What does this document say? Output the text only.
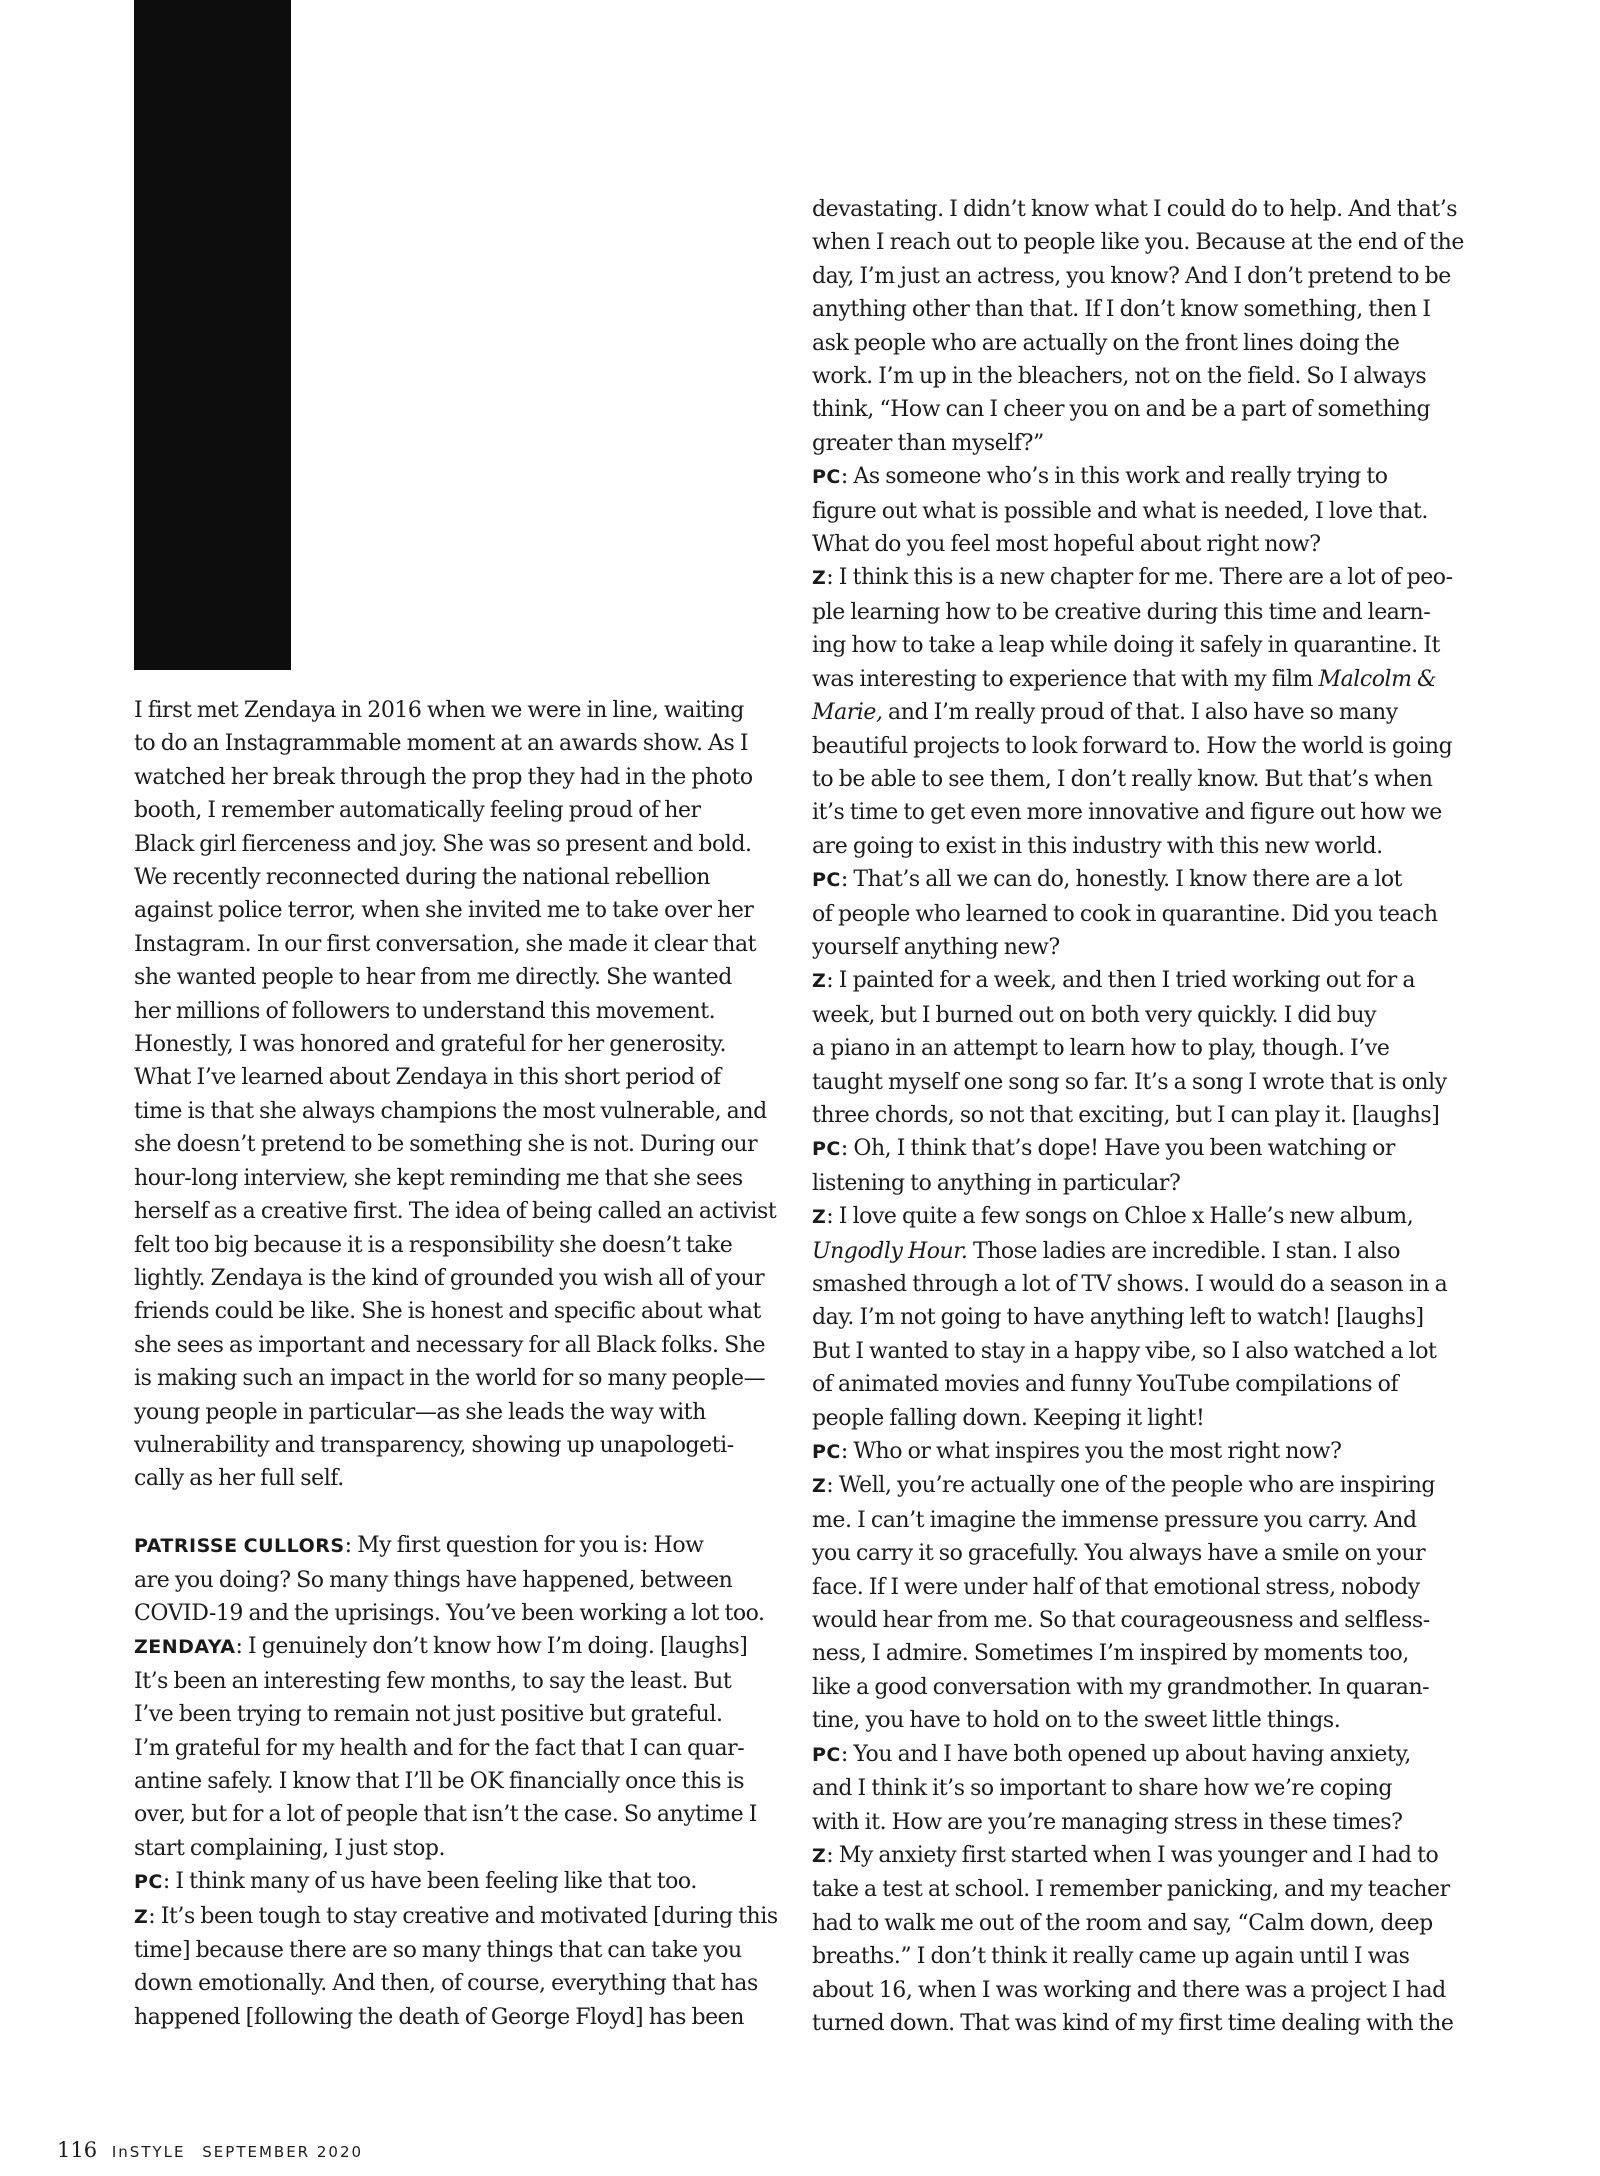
I first met Zendaya in 2016 when we were in line, waiting

to do an Instagrammable moment at an awards show. As I

watched her break through the prop they had in the photo

booth, I remember automatically feeling proud of her

Black girl fierceness and joy. She was so present and bold.

We recently reconnected during the national rebellion

against police terror, when she invited me to take over her

Instagram. In our first conversation, she made it clear that

she wanted people to hear from me directly. She wanted

her millions of followers to understand this movement.

Honestly, I was honored and grateful for her generosity.

What I’ve learned about Zendaya in this short period of

time is that she always champions the most vulnerable, and

she doesn’t pretend to be something she is not. During our

hour-long interview, she kept reminding me that she sees

herself as a creative first. The idea of being called an activist

felt too big because it is a responsibility she doesn’t take

lightly. Zendaya is the kind of grounded you wish all of your

friends could be like. She is honest and specific about what

she sees as important and necessary for all Black folks. She

is making such an impact in the world for so many people—

young people in particular—as she leads the way with

vulnerability and transparency, showing up unapologeti-

cally as her full self.

PATRISSE CULLORS: My first question for you is: How

are you doing? So many things have happened, between

COVID-19 and the uprisings. You’ve been working a lot too.

ZENDAYA: I genuinely don’t know how I’m doing. [laughs]

It’s been an interesting few months, to say the least. But

I’ve been trying to remain not just positive but grateful.

I’m grateful for my health and for the fact that I can quar-

antine safely. I know that I’ll be OK financially once this is

over, but for a lot of people that isn’t the case. So anytime I

start complaining, I just stop.

PC: I think many of us have been feeling like that too.

Z: It’s been tough to stay creative and motivated [during this

time] because there are so many things that can take you

down emotionally. And then, of course, everything that has

happened [following the death of George Floyd] has been

devastating. I didn’t know what I could do to help. And that’s

when I reach out to people like you. Because at the end of the

day, I’m just an actress, you know? And I don’t pretend to be

anything other than that. If I don’t know something, then I

ask people who are actually on the front lines doing the

work. I’m up in the bleachers, not on the field. So I always

think, “How can I cheer you on and be a part of something

greater than myself?”

PC: As someone who’s in this work and really trying to

figure out what is possible and what is needed, I love that.

What do you feel most hopeful about right now?

Z: I think this is a new chapter for me. There are a lot of peo-

ple learning how to be creative during this time and learn-

ing how to take a leap while doing it safely in quarantine. It

was interesting to experience that with my film Malcolm &

Marie, and I’m really proud of that. I also have so many

beautiful projects to look forward to. How the world is going

to be able to see them, I don’t really know. But that’s when

it’s time to get even more innovative and figure out how we

are going to exist in this industry with this new world.

PC: That’s all we can do, honestly. I know there are a lot

of people who learned to cook in quarantine. Did you teach

yourself anything new?

Z: I painted for a week, and then I tried working out for a

week, but I burned out on both very quickly. I did buy

a piano in an attempt to learn how to play, though. I’ve

taught myself one song so far. It’s a song I wrote that is only

three chords, so not that exciting, but I can play it. [laughs]

PC: Oh, I think that’s dope! Have you been watching or

listening to anything in particular?

Z: I love quite a few songs on Chloe x Halle’s new album,

Ungodly Hour. Those ladies are incredible. I stan. I also

smashed through a lot of TV shows. I would do a season in a

day. I’m not going to have anything left to watch! [laughs]

But I wanted to stay in a happy vibe, so I also watched a lot

of animated movies and funny YouTube compilations of

people falling down. Keeping it light!

PC: Who or what inspires you the most right now?

Z: Well, you’re actually one of the people who are inspiring

me. I can’t imagine the immense pressure you carry. And

you carry it so gracefully. You always have a smile on your

face. If I were under half of that emotional stress, nobody

would hear from me. So that courageousness and selfless-

ness, I admire. Sometimes I’m inspired by moments too,

like a good conversation with my grandmother. In quaran-

tine, you have to hold on to the sweet little things.

PC: You and I have both opened up about having anxiety,

and I think it’s so important to share how we’re coping

with it. How are you’re managing stress in these times?

Z: My anxiety first started when I was younger and I had to

take a test at school. I remember panicking, and my teacher

had to walk me out of the room and say, “Calm down, deep

breaths.” I don’t think it really came up again until I was

about 16, when I was working and there was a project I had

turned down. That was kind of my first time dealing with the

116 InSTYLE SEPTEMBER 2020
